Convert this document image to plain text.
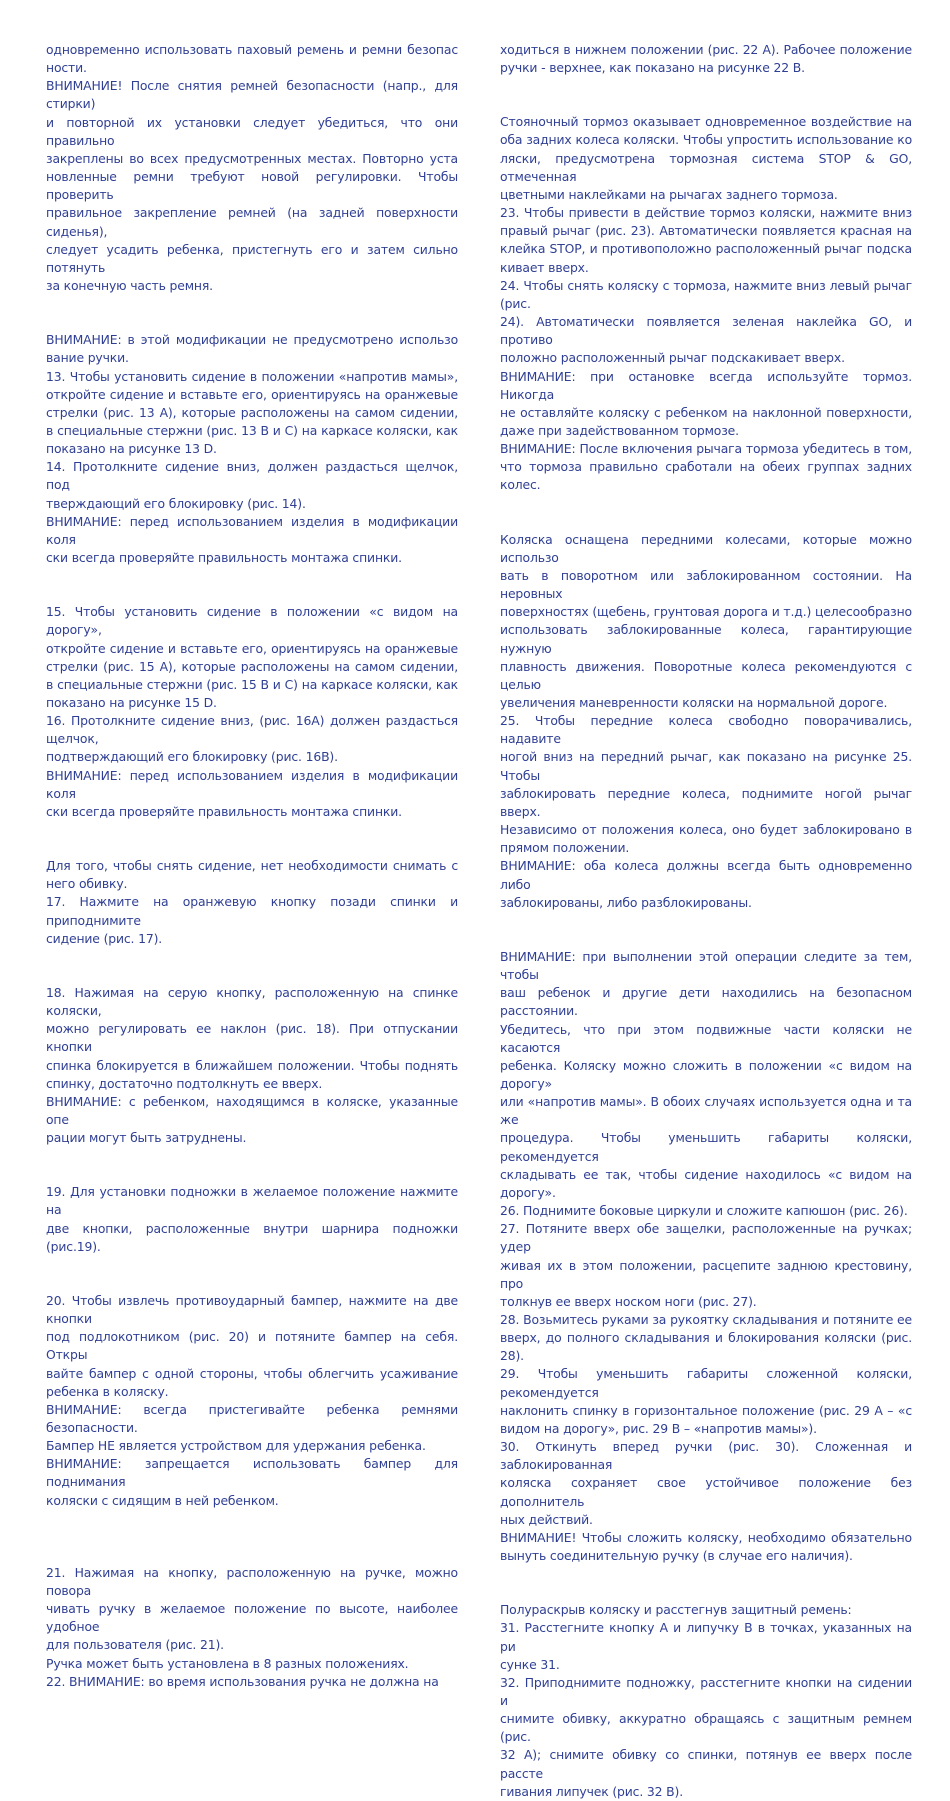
одновременно использовать паховый ремень и ремни безопас
ности.
ВНИМАНИЕ! После снятия ремней безопасности (напр., для стирки)
и повторной их установки следует убедиться, что они правильно
закреплены во всех предусмотренных местах. Повторно уста
новленные ремни требуют новой регулировки. Чтобы проверить
правильное закрепление ремней (на задней поверхности сиденья),
следует усадить ребенка, пристегнуть его и затем сильно потянуть
за конечную часть ремня.
ВНИМАНИЕ: в этой модификации не предусмотрено использо
вание ручки.
13. Чтобы установить сидение в положении «напротив мамы»,
откройте сидение и вставьте его, ориентируясь на оранжевые
стрелки (рис. 13 А), которые расположены на самом сидении,
в специальные стержни (рис. 13 В и С) на каркасе коляски, как
показано на рисунке 13 D.
14. Протолкните сидение вниз, должен раздасться щелчок, под
тверждающий его блокировку (рис. 14).
ВНИМАНИЕ: перед использованием изделия в модификации коля
ски всегда проверяйте правильность монтажа спинки.
15. Чтобы установить сидение в положении «с видом на дорогу»,
откройте сидение и вставьте его, ориентируясь на оранжевые
стрелки (рис. 15 А), которые расположены на самом сидении,
в специальные стержни (рис. 15 В и С) на каркасе коляски, как
показано на рисунке 15 D.
16. Протолкните сидение вниз, (рис. 16А) должен раздасться щелчок,
подтверждающий его блокировку (рис. 16В).
ВНИМАНИЕ: перед использованием изделия в модификации коля
ски всегда проверяйте правильность монтажа спинки.
Для того, чтобы снять сидение, нет необходимости снимать с
него обивку.
17. Нажмите на оранжевую кнопку позади спинки и приподнимите
сидение (рис. 17).
18. Нажимая на серую кнопку, расположенную на спинке коляски,
можно регулировать ее наклон (рис. 18). При отпускании кнопки
спинка блокируется в ближайшем положении. Чтобы поднять
спинку, достаточно подтолкнуть ее вверх.
ВНИМАНИЕ: с ребенком, находящимся в коляске, указанные опе
рации могут быть затруднены.
19. Для установки подножки в желаемое положение нажмите на
две кнопки, расположенные внутри шарнира подножки (рис.19).
20. Чтобы извлечь противоударный бампер, нажмите на две кнопки
под подлокотником (рис. 20) и потяните бампер на себя. Откры
вайте бампер с одной стороны, чтобы облегчить усаживание
ребенка в коляску.
ВНИМАНИЕ: всегда пристегивайте ребенка ремнями безопасности.
Бампер НЕ является устройством для удержания ребенка.
ВНИМАНИЕ: запрещается использовать бампер для поднимания
коляски с сидящим в ней ребенком.
21. Нажимая на кнопку, расположенную на ручке, можно повора
чивать ручку в желаемое положение по высоте, наиболее удобное
для пользователя (рис. 21).
Ручка может быть установлена в 8 разных положениях.
22. ВНИМАНИЕ: во время использования ручка не должна на
ходиться в нижнем положении (рис. 22 А). Рабочее положение
ручки - верхнее, как показано на рисунке 22 В.
Стояночный тормоз оказывает одновременное воздействие на
оба задних колеса коляски. Чтобы упростить использование ко
ляски, предусмотрена тормозная система STOP & GO, отмеченная
цветными наклейками на рычагах заднего тормоза.
23. Чтобы привести в действие тормоз коляски, нажмите вниз
правый рычаг (рис. 23). Автоматически появляется красная на
клейка STOP, и противоположно расположенный рычаг подска
кивает вверх.
24. Чтобы снять коляску с тормоза, нажмите вниз левый рычаг (рис.
24). Автоматически появляется зеленая наклейка GO, и противо
положно расположенный рычаг подскакивает вверх.
ВНИМАНИЕ: при остановке всегда используйте тормоз. Никогда
не оставляйте коляску с ребенком на наклонной поверхности,
даже при задействованном тормозе.
ВНИМАНИЕ: После включения рычага тормоза убедитесь в том,
что тормоза правильно сработали на обеих группах задних колес.
Коляска оснащена передними колесами, которые можно использо
вать в поворотном или заблокированном состоянии. На неровных
поверхностях (щебень, грунтовая дорога и т.д.) целесообразно
использовать заблокированные колеса, гарантирующие нужную
плавность движения. Поворотные колеса рекомендуются с целью
увеличения маневренности коляски на нормальной дороге.
25. Чтобы передние колеса свободно поворачивались, надавите
ногой вниз на передний рычаг, как показано на рисунке 25. Чтобы
заблокировать передние колеса, поднимите ногой рычаг вверх.
Независимо от положения колеса, оно будет заблокировано в
прямом положении.
ВНИМАНИЕ: оба колеса должны всегда быть одновременно либо
заблокированы, либо разблокированы.
ВНИМАНИЕ: при выполнении этой операции следите за тем, чтобы
ваш ребенок и другие дети находились на безопасном расстоянии.
Убедитесь, что при этом подвижные части коляски не касаются
ребенка. Коляску можно сложить в положении «с видом на дорогу»
или «напротив мамы». В обоих случаях используется одна и та же
процедура. Чтобы уменьшить габариты коляски, рекомендуется
складывать ее так, чтобы сидение находилось «с видом на дорогу».
26. Поднимите боковые циркули и сложите капюшон (рис. 26).
27. Потяните вверх обе защелки, расположенные на ручках; удер
живая их в этом положении, расцепите заднюю крестовину, про
толкнув ее вверх носком ноги (рис. 27).
28. Возьмитесь руками за рукоятку складывания и потяните ее
вверх, до полного складывания и блокирования коляски (рис. 28).
29. Чтобы уменьшить габариты сложенной коляски, рекомендуется
наклонить спинку в горизонтальное положение (рис. 29 А – «с
видом на дорогу», рис. 29 В – «напротив мамы»).
30. Откинуть вперед ручки (рис. 30). Сложенная и заблокированная
коляска сохраняет свое устойчивое положение без дополнитель
ных действий.
ВНИМАНИЕ! Чтобы сложить коляску, необходимо обязательно
вынуть соединительную ручку (в случае его наличия).
Полураскрыв коляску и расстегнув защитный ремень:
31. Расстегните кнопку А и липучку В в точках, указанных на ри
сунке 31.
32. Приподнимите подножку, расстегните кнопки на сидении и
снимите обивку, аккуратно обращаясь с защитным ремнем (рис.
32 А); снимите обивку со спинки, потянув ее вверх после рассте
гивания липучек (рис. 32 В).
